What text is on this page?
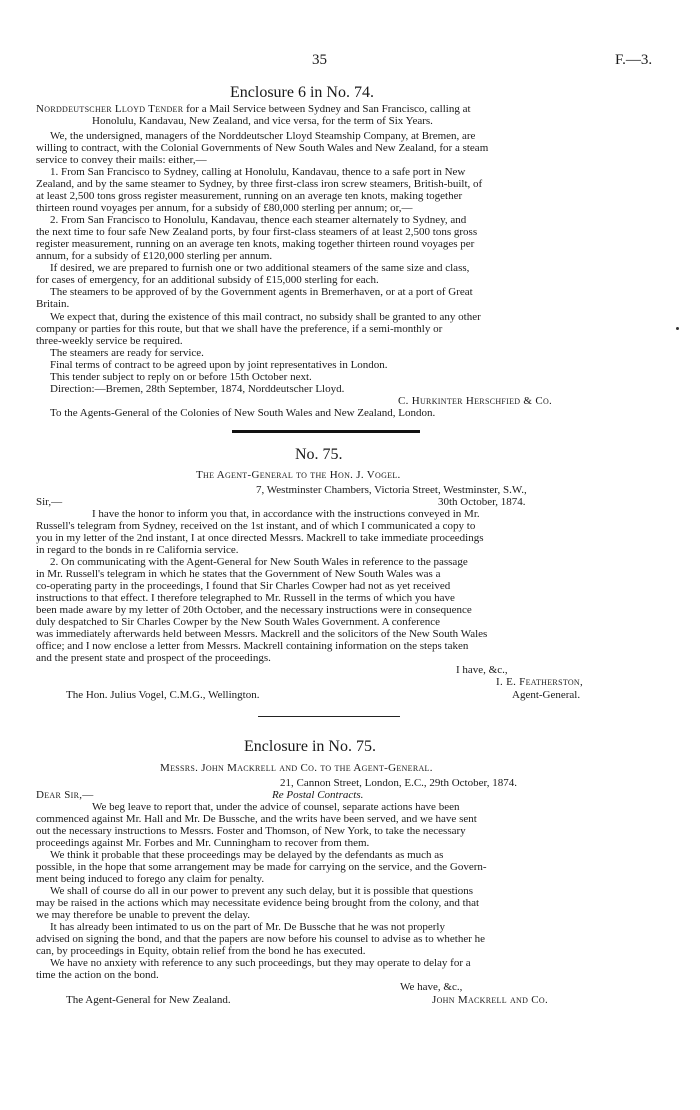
35	F.—3.
Enclosure 6 in No. 74.
Norddeutscher Lloyd Tender for a Mail Service between Sydney and San Francisco, calling at
Honolulu, Kandavau, New Zealand, and vice versa, for the term of Six Years.
We, the undersigned, managers of the Norddeutscher Lloyd Steamship Company, at Bremen, are
willing to contract, with the Colonial Governments of New South Wales and New Zealand, for a steam
service to convey their mails: either,—
1. From San Francisco to Sydney, calling at Honolulu, Kandavau, thence to a safe port in New
Zealand, and by the same steamer to Sydney, by three first-class iron screw steamers, British-built, of
at least 2,500 tons gross register measurement, running on an average ten knots, making together
thirteen round voyages per annum, for a subsidy of £80,000 sterling per annum; or,—
2. From San Francisco to Honolulu, Kandavau, thence each steamer alternately to Sydney, and
the next time to four safe New Zealand ports, by four first-class steamers of at least 2,500 tons gross
register measurement, running on an average ten knots, making together thirteen round voyages per
annum, for a subsidy of £120,000 sterling per annum.
If desired, we are prepared to furnish one or two additional steamers of the same size and class,
for cases of emergency, for an additional subsidy of £15,000 sterling for each.
The steamers to be approved of by the Government agents in Bremerhaven, or at a port of Great
Britain.
We expect that, during the existence of this mail contract, no subsidy shall be granted to any other
company or parties for this route, but that we shall have the preference, if a semi-monthly or
three-weekly service be required.
The steamers are ready for service.
Final terms of contract to be agreed upon by joint representatives in London.
This tender subject to reply on or before 15th October next.
Direction:—Bremen, 28th September, 1874, Norddeutscher Lloyd.
C. Hurkinter Herschfied & Co.
To the Agents-General of the Colonies of New South Wales and New Zealand, London.
No. 75.
The Agent-General to the Hon. J. Vogel.
7, Westminster Chambers, Victoria Street, Westminster, S.W.,
Sir,—	30th October, 1874.
I have the honor to inform you that, in accordance with the instructions conveyed in Mr.
Russell's telegram from Sydney, received on the 1st instant, and of which I communicated a copy to
you in my letter of the 2nd instant, I at once directed Messrs. Mackrell to take immediate proceedings
in regard to the bonds in re California service.
2. On communicating with the Agent-General for New South Wales in reference to the passage
in Mr. Russell's telegram in which he states that the Government of New South Wales was a
co-operating party in the proceedings, I found that Sir Charles Cowper had not as yet received
instructions to that effect. I therefore telegraphed to Mr. Russell in the terms of which you have
been made aware by my letter of 20th October, and the necessary instructions were in consequence
duly despatched to Sir Charles Cowper by the New South Wales Government. A conference
was immediately afterwards held between Messrs. Mackrell and the solicitors of the New South Wales
office; and I now enclose a letter from Messrs. Mackrell containing information on the steps taken
and the present state and prospect of the proceedings.
I have, &c.,
I. E. Featherston,
The Hon. Julius Vogel, C.M.G., Wellington.	Agent-General.
Enclosure in No. 75.
Messrs. John Mackrell and Co. to the Agent-General.
21, Cannon Street, London, E.C., 29th October, 1874.
Dear Sir,—	Re Postal Contracts.
We beg leave to report that, under the advice of counsel, separate actions have been
commenced against Mr. Hall and Mr. De Bussche, and the writs have been served, and we have sent
out the necessary instructions to Messrs. Foster and Thomson, of New York, to take the necessary
proceedings against Mr. Forbes and Mr. Cunningham to recover from them.
We think it probable that these proceedings may be delayed by the defendants as much as
possible, in the hope that some arrangement may be made for carrying on the service, and the Govern-
ment being induced to forego any claim for penalty.
We shall of course do all in our power to prevent any such delay, but it is possible that questions
may be raised in the actions which may necessitate evidence being brought from the colony, and that
we may therefore be unable to prevent the delay.
It has already been intimated to us on the part of Mr. De Bussche that he was not properly
advised on signing the bond, and that the papers are now before his counsel to advise as to whether he
can, by proceedings in Equity, obtain relief from the bond he has executed.
We have no anxiety with reference to any such proceedings, but they may operate to delay for a
time the action on the bond.
We have, &c.,
The Agent-General for New Zealand.	John Mackrell and Co.
